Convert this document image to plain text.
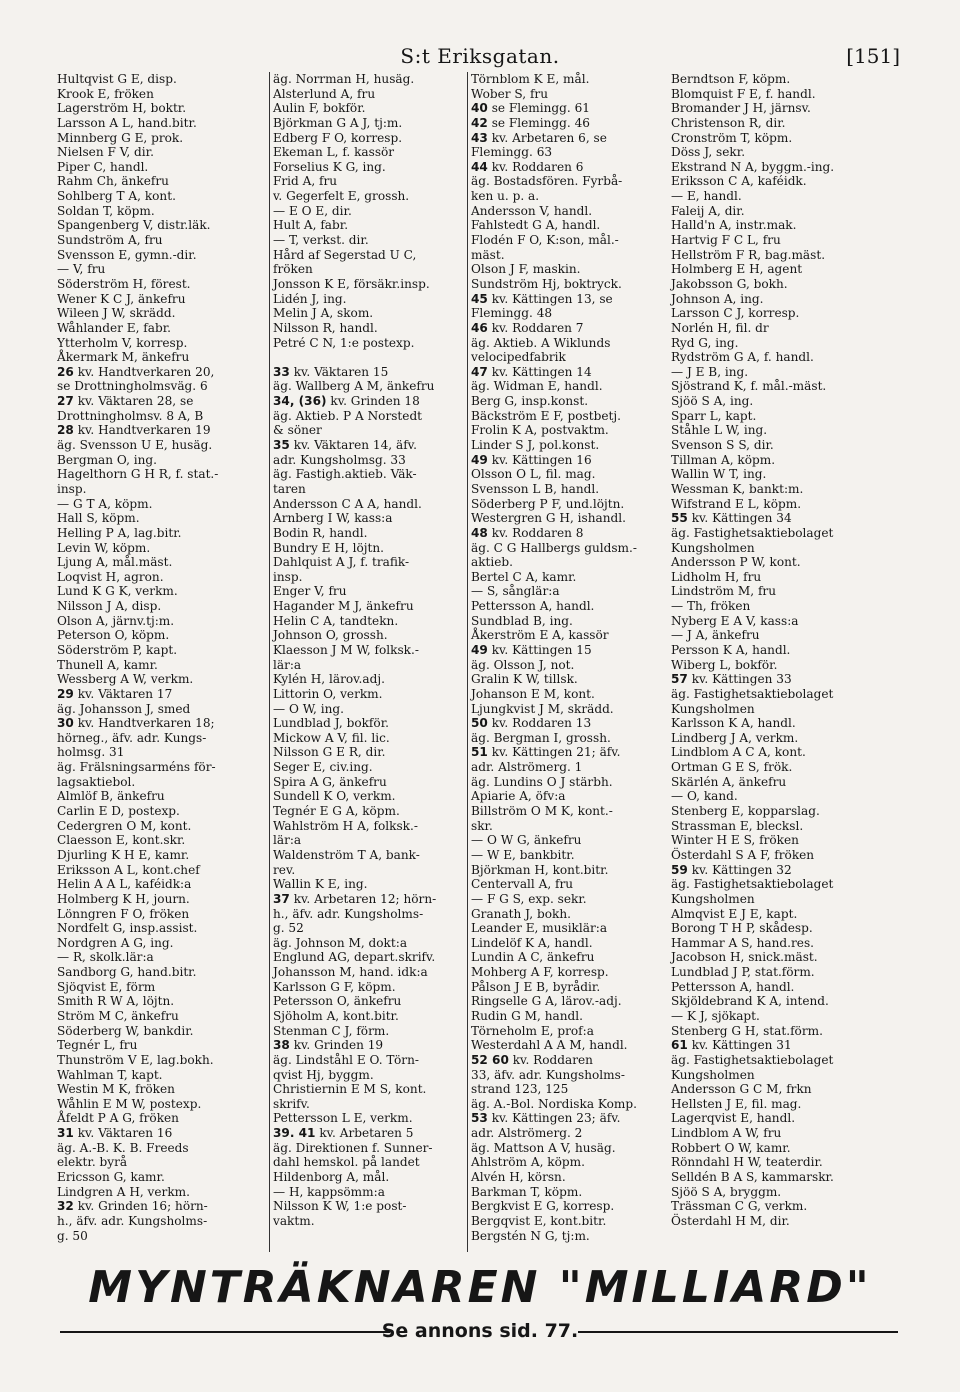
S:t Eriksgatan.	[151]
Hultqvist G E, disp.
Krook E, fröken
Lagerström H, boktr.
Larsson A L, hand.bitr.
Minnberg G E, prok.
Nielsen F V, dir.
Piper C, handl.
Rahm Ch, änkefru
Sohlberg T A, kont.
Soldan T, köpm.
Spangenberg V, distr.läk.
Sundström A, fru
Svensson E, gymn.-dir.
— V, fru
Söderström H, förest.
Wener K C J, änkefru
Wileen J W, skrädd.
Wåhlander E, fabr.
Ytterholm V, korresp.
Åkermark M, änkefru
26 kv. Handtverkaren 20,
se Drottningholmsväg. 6
27 kv. Väktaren 28, se
Drottningholmsv. 8 A, B
28 kv. Handtverkaren 19
äg. Svensson U E, husäg.
Bergman O, ing.
Hagelthorn G H R, f. stat.-
insp.
— G T A, köpm.
Hall S, köpm.
Helling P A, lag.bitr.
Levin W, köpm.
Ljung A, mål.mäst.
Loqvist H, agron.
Lund K G K, verkm.
Nilsson J A, disp.
Olson A, järnv.tj:m.
Peterson O, köpm.
Söderström P, kapt.
Thunell A, kamr.
Wessberg A W, verkm.
29 kv. Väktaren 17
äg. Johansson J, smed
30 kv. Handtverkaren 18;
hörneg., äfv. adr. Kungs-
holmsg. 31
äg. Frälsningsarméns för-
lagsaktiebol.
Almlöf B, änkefru
Carlin E D, postexp.
Cedergren O M, kont.
Claesson E, kont.skr.
Djurling K H E, kamr.
Eriksson A L, kont.chef
Helin A A L, kaféidk:a
Holmberg K H, journ.
Lönngren F O, fröken
Nordfelt G, insp.assist.
Nordgren A G, ing.
— R, skolk.lär:a
Sandborg G, hand.bitr.
Sjöqvist E, förm
Smith R W A, löjtn.
Ström M C, änkefru
Söderberg W, bankdir.
Tegnér L, fru
Thunström V E, lag.bokh.
Wahlman T, kapt.
Westin M K, fröken
Wåhlin E M W, postexp.
Åfeldt P A G, fröken
31 kv. Väktaren 16
äg. A.-B. K. B. Freeds
elektr. byrå
Ericsson G, kamr.
Lindgren A H, verkm.
32 kv. Grinden 16; hörn-
h., äfv. adr. Kungsholms-
g. 50
äg. Norrman H, husäg.
Alsterlund A, fru
Aulin F, bokför.
Björkman G A J, tj:m.
Edberg F O, korresp.
Ekeman L, f. kassör
Forselius K G, ing.
Frid A, fru
v. Gegerfelt E, grossh.
— E O E, dir.
Hult A, fabr.
— T, verkst. dir.
Hård af Segerstad U C,
fröken
Jonsson K E, försäkr.insp.
Lidén J, ing.
Melin J A, skom.
Nilsson R, handl.
Petré C N, 1:e postexp.
33 kv. Väktaren 15
äg. Wallberg A M, änkefru
34, (36) kv. Grinden 18
äg. Aktieb. P A Norstedt
& söner
35 kv. Väktaren 14, äfv.
adr. Kungsholmsg. 33
äg. Fastigh.aktieb. Väk-
taren
Andersson C A A, handl.
Arnberg I W, kass:a
Bodin R, handl.
Bundry E H, löjtn.
Dahlquist A J, f. trafik-
insp.
Enger V, fru
Hagander M J, änkefru
Helin C A, tandtekn.
Johnson O, grossh.
Klaesson J M W, folksk.-
lär:a
Kylén H, lärov.adj.
Littorin O, verkm.
— O W, ing.
Lundblad J, bokför.
Mickow A V, fil. lic.
Nilsson G E R, dir.
Seger E, civ.ing.
Spira A G, änkefru
Sundell K O, verkm.
Tegnér E G A, köpm.
Wahlström H A, folksk.-
lär:a
Waldenström T A, bank-
rev.
Wallin K E, ing.
37 kv. Arbetaren 12; hörn-
h., äfv. adr. Kungsholms-
g. 52
äg. Johnson M, dokt:a
Englund AG, depart.skrifv.
Johansson M, hand. idk:a
Karlsson G F, köpm.
Petersson O, änkefru
Sjöholm A, kont.bitr.
Stenman C J, förm.
38 kv. Grinden 19
äg. Lindståhl E O. Törn-
qvist Hj, byggm.
Christiernin E M S, kont.
skrifv.
Pettersson L E, verkm.
39. 41 kv. Arbetaren 5
äg. Direktionen f. Sunner-
dahl hemskol. på landet
Hildenborg A, mål.
— H, kappsömm:a
Nilsson K W, 1:e post-
vaktm.
Törnblom K E, mål.
Wober S, fru
40 se Flemingg. 61
42 se Flemingg. 46
43 kv. Arbetaren 6, se
Flemingg. 63
44 kv. Roddaren 6
äg. Bostadsfören. Fyrbå-
ken u. p. a.
Andersson V, handl.
Fahlstedt G A, handl.
Flodén F O, K:son, mål.-
mäst.
Olson J F, maskin.
Sundström Hj, boktryck.
45 kv. Kättingen 13, se
Flemingg. 48
46 kv. Roddaren 7
äg. Aktieb. A Wiklunds
velocipedfabrik
47 kv. Kättingen 14
äg. Widman E, handl.
Berg G, insp.konst.
Bäckström E F, postbetj.
Frolin K A, postvaktm.
Linder S J, pol.konst.
49 kv. Kättingen 16
Olsson O L, fil. mag.
Svensson L B, handl.
Söderberg P F, und.löjtn.
Westergren G H, ishandl.
48 kv. Roddaren 8
äg. C G Hallbergs guldsm.-
aktieb.
Bertel C A, kamr.
— S, sånglär:a
Pettersson A, handl.
Sundblad B, ing.
Åkerström E A, kassör
49 kv. Kättingen 15
äg. Olsson J, not.
Gralin K W, tillsk.
Johanson E M, kont.
Ljungkvist J M, skrädd.
50 kv. Roddaren 13
äg. Bergman I, grossh.
51 kv. Kättingen 21; äfv.
adr. Alströmerg. 1
äg. Lundins O J stärbh.
Apiarie A, öfv:a
Billström O M K, kont.-
skr.
— O W G, änkefru
— W E, bankbitr.
Björkman H, kont.bitr.
Centervall A, fru
— F G S, exp. sekr.
Granath J, bokh.
Leander E, musiklär:a
Lindelöf K A, handl.
Lundin A C, änkefru
Mohberg A F, korresp.
Pålson J E B, byrådir.
Ringselle G A, lärov.-adj.
Rudin G M, handl.
Törneholm E, prof:a
Westerdahl A A M, handl.
52 60 kv. Roddaren
33, äfv. adr. Kungsholms-
strand 123, 125
äg. A.-Bol. Nordiska Komp.
53 kv. Kättingen 23; äfv.
adr. Alströmerg. 2
äg. Mattson A V, husäg.
Ahlström A, köpm.
Alvén H, körsn.
Barkman T, köpm.
Bergkvist E G, korresp.
Bergqvist E, kont.bitr.
Bergstén N G, tj:m.
Berndtson F, köpm.
Blomquist F E, f. handl.
Bromander J H, järnsv.
Christenson R, dir.
Cronström T, köpm.
Döss J, sekr.
Ekstrand N A, byggm.-ing.
Eriksson C A, kaféidk.
— E, handl.
Faleij A, dir.
Halld'n A, instr.mak.
Hartvig F C L, fru
Hellström F R, bag.mäst.
Holmberg E H, agent
Jakobsson G, bokh.
Johnson A, ing.
Larsson C J, korresp.
Norlén H, fil. dr
Ryd G, ing.
Rydström G A, f. handl.
— J E B, ing.
Sjöstrand K, f. mål.-mäst.
Sjöö S A, ing.
Sparr L, kapt.
Ståhle L W, ing.
Svenson S S, dir.
Tillman A, köpm.
Wallin W T, ing.
Wessman K, bankt:m.
Wifstrand E L, köpm.
55 kv. Kättingen 34
äg. Fastighetsaktiebolaget
Kungsholmen
Andersson P W, kont.
Lidholm H, fru
Lindström M, fru
— Th, fröken
Nyberg E A V, kass:a
— J A, änkefru
Persson K A, handl.
Wiberg L, bokför.
57 kv. Kättingen 33
äg. Fastighetsaktiebolaget
Kungsholmen
Karlsson K A, handl.
Lindberg J A, verkm.
Lindblom A C A, kont.
Ortman G E S, frök.
Skärlén A, änkefru
— O, kand.
Stenberg E, kopparslag.
Strassman E, blecksl.
Winter H E S, fröken
Österdahl S A F, fröken
59 kv. Kättingen 32
äg. Fastighetsaktiebolaget
Kungsholmen
Almqvist E J E, kapt.
Borong T H P, skådesp.
Hammar A S, hand.res.
Jacobson H, snick.mäst.
Lundblad J P, stat.förm.
Pettersson A, handl.
Skjöldebrand K A, intend.
— K J, sjökapt.
Stenberg G H, stat.förm.
61 kv. Kättingen 31
äg. Fastighetsaktiebolaget
Kungsholmen
Andersson G C M, frkn
Hellsten J E, fil. mag.
Lagerqvist E, handl.
Lindblom A W, fru
Robbert O W, kamr.
Rönndahl H W, teaterdir.
Selldén B A S, kammarskr.
Sjöö S A, bryggm.
Trässman C G, verkm.
Österdahl H M, dir.
MYNTRÄKNAREN "MILLIARD"
Se annons sid. 77.
